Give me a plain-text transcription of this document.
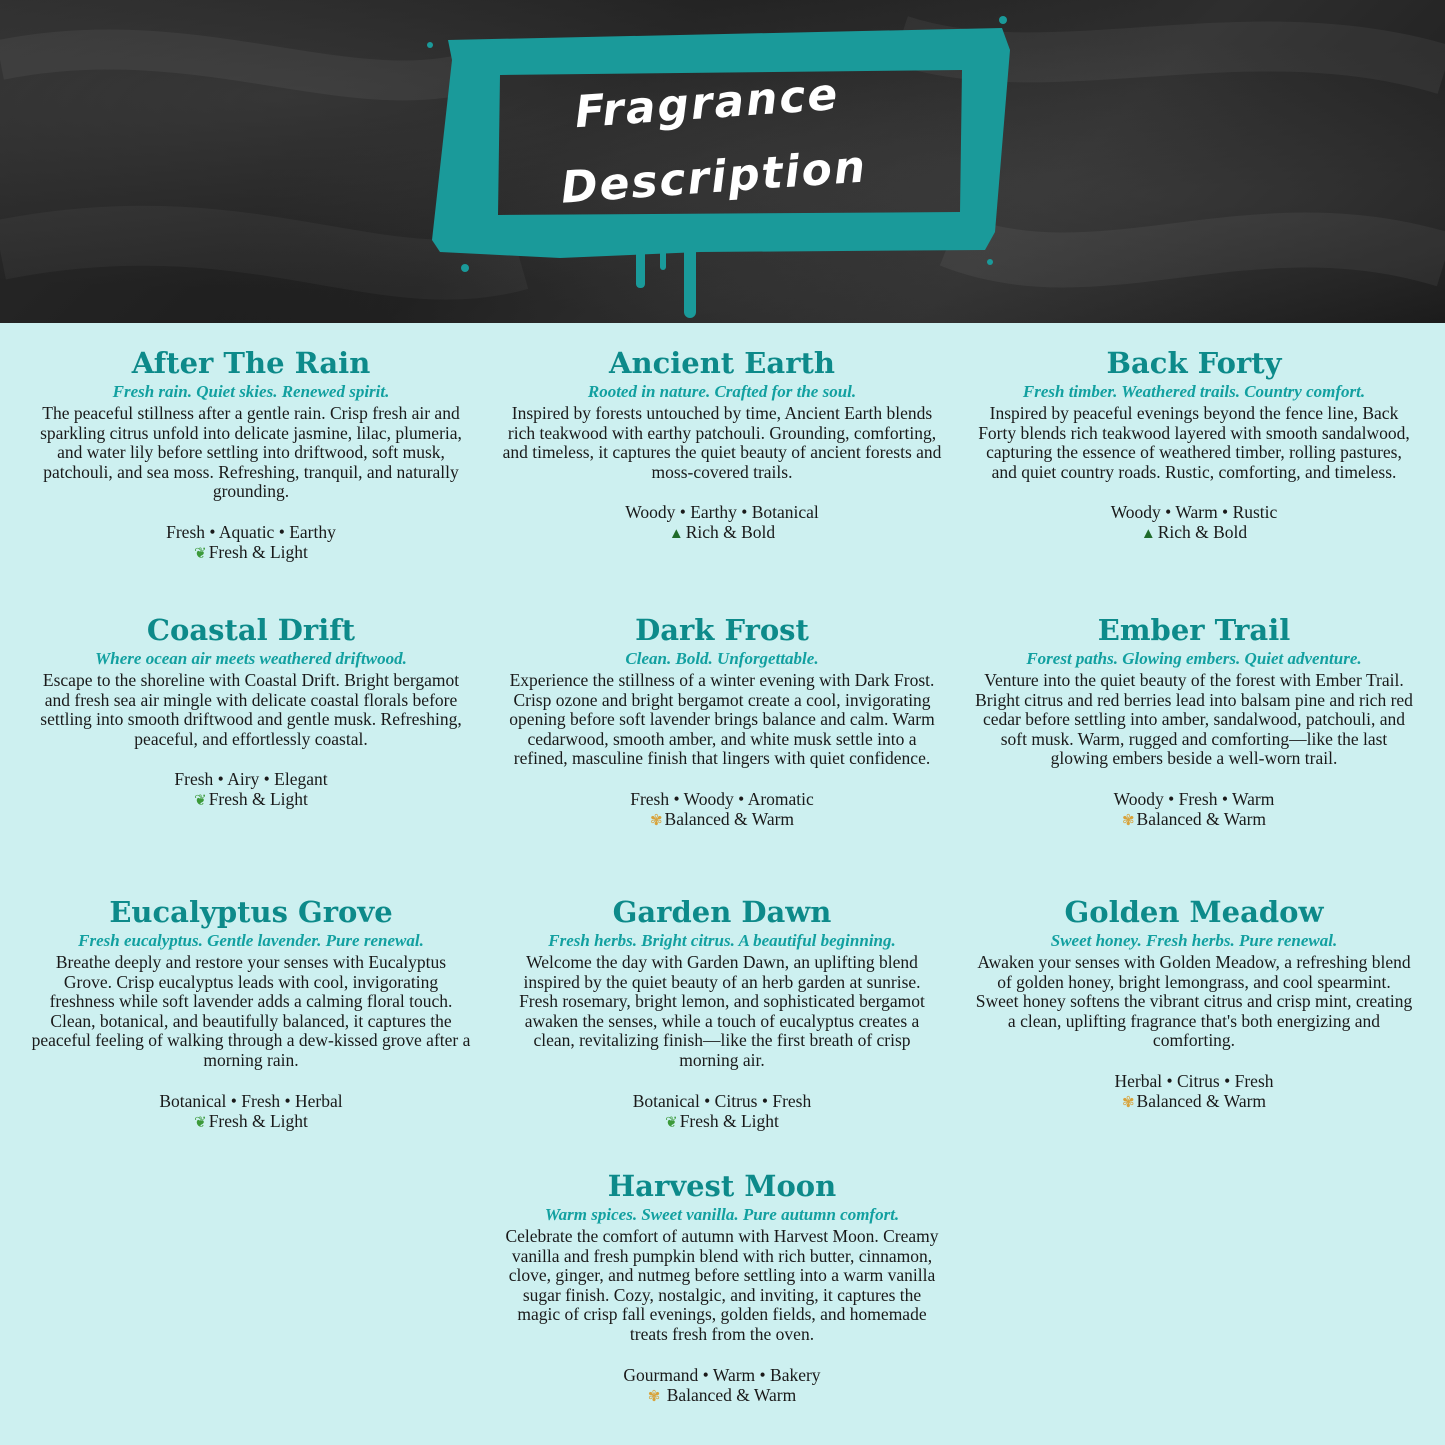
Fragrance
Description

After The Rain

Fresh rain. Quiet skies. Renewed spirit.

The peaceful stillness after a gentle rain. Crisp fresh air and sparkling citrus unfold into delicate jasmine, lilac, plumeria, and water lily before settling into driftwood, soft musk, patchouli, and sea moss. Refreshing, tranquil, and naturally grounding.

Fresh • Aquatic • Earthy

❦ Fresh & Light

Coastal Drift

Where ocean air meets weathered driftwood.

Escape to the shoreline with Coastal Drift. Bright bergamot and fresh sea air mingle with delicate coastal florals before settling into smooth driftwood and gentle musk. Refreshing, peaceful, and effortlessly coastal.

Fresh • Airy • Elegant

❦ Fresh & Light

Eucalyptus Grove

Fresh eucalyptus. Gentle lavender. Pure renewal.

Breathe deeply and restore your senses with Eucalyptus Grove. Crisp eucalyptus leads with cool, invigorating freshness while soft lavender adds a calming floral touch. Clean, botanical, and beautifully balanced, it captures the peaceful feeling of walking through a dew-kissed grove after a morning rain.

Botanical • Fresh • Herbal

❦ Fresh & Light

Ancient Earth

Rooted in nature. Crafted for the soul.

Inspired by forests untouched by time, Ancient Earth blends rich teakwood with earthy patchouli. Grounding, comforting, and timeless, it captures the quiet beauty of ancient forests and moss-covered trails.

Woody • Earthy • Botanical

▲ Rich & Bold

Dark Frost

Clean. Bold. Unforgettable.

Experience the stillness of a winter evening with Dark Frost. Crisp ozone and bright bergamot create a cool, invigorating opening before soft lavender brings balance and calm. Warm cedarwood, smooth amber, and white musk settle into a refined, masculine finish that lingers with quiet confidence.

Fresh • Woody • Aromatic

✾ Balanced & Warm

Garden Dawn

Fresh herbs. Bright citrus. A beautiful beginning.

Welcome the day with Garden Dawn, an uplifting blend inspired by the quiet beauty of an herb garden at sunrise. Fresh rosemary, bright lemon, and sophisticated bergamot awaken the senses, while a touch of eucalyptus creates a clean, revitalizing finish—like the first breath of crisp morning air.

Botanical • Citrus • Fresh

❦ Fresh & Light

Harvest Moon

Warm spices. Sweet vanilla. Pure autumn comfort.

Celebrate the comfort of autumn with Harvest Moon. Creamy vanilla and fresh pumpkin blend with rich butter, cinnamon, clove, ginger, and nutmeg before settling into a warm vanilla sugar finish. Cozy, nostalgic, and inviting, it captures the magic of crisp fall evenings, golden fields, and homemade treats fresh from the oven.

Gourmand • Warm • Bakery

✾ Balanced & Warm

Back Forty

Fresh timber. Weathered trails. Country comfort.

Inspired by peaceful evenings beyond the fence line, Back Forty blends rich teakwood layered with smooth sandalwood, capturing the essence of weathered timber, rolling pastures, and quiet country roads. Rustic, comforting, and timeless.

Woody • Warm • Rustic

▲ Rich & Bold

Ember Trail

Forest paths. Glowing embers. Quiet adventure.

Venture into the quiet beauty of the forest with Ember Trail. Bright citrus and red berries lead into balsam pine and rich red cedar before settling into amber, sandalwood, patchouli, and soft musk. Warm, rugged and comforting—like the last glowing embers beside a well-worn trail.

Woody • Fresh • Warm

✾ Balanced & Warm

Golden Meadow

Sweet honey. Fresh herbs. Pure renewal.

Awaken your senses with Golden Meadow, a refreshing blend of golden honey, bright lemongrass, and cool spearmint. Sweet honey softens the vibrant citrus and crisp mint, creating a clean, uplifting fragrance that's both energizing and comforting.

Herbal • Citrus • Fresh

✾ Balanced & Warm
